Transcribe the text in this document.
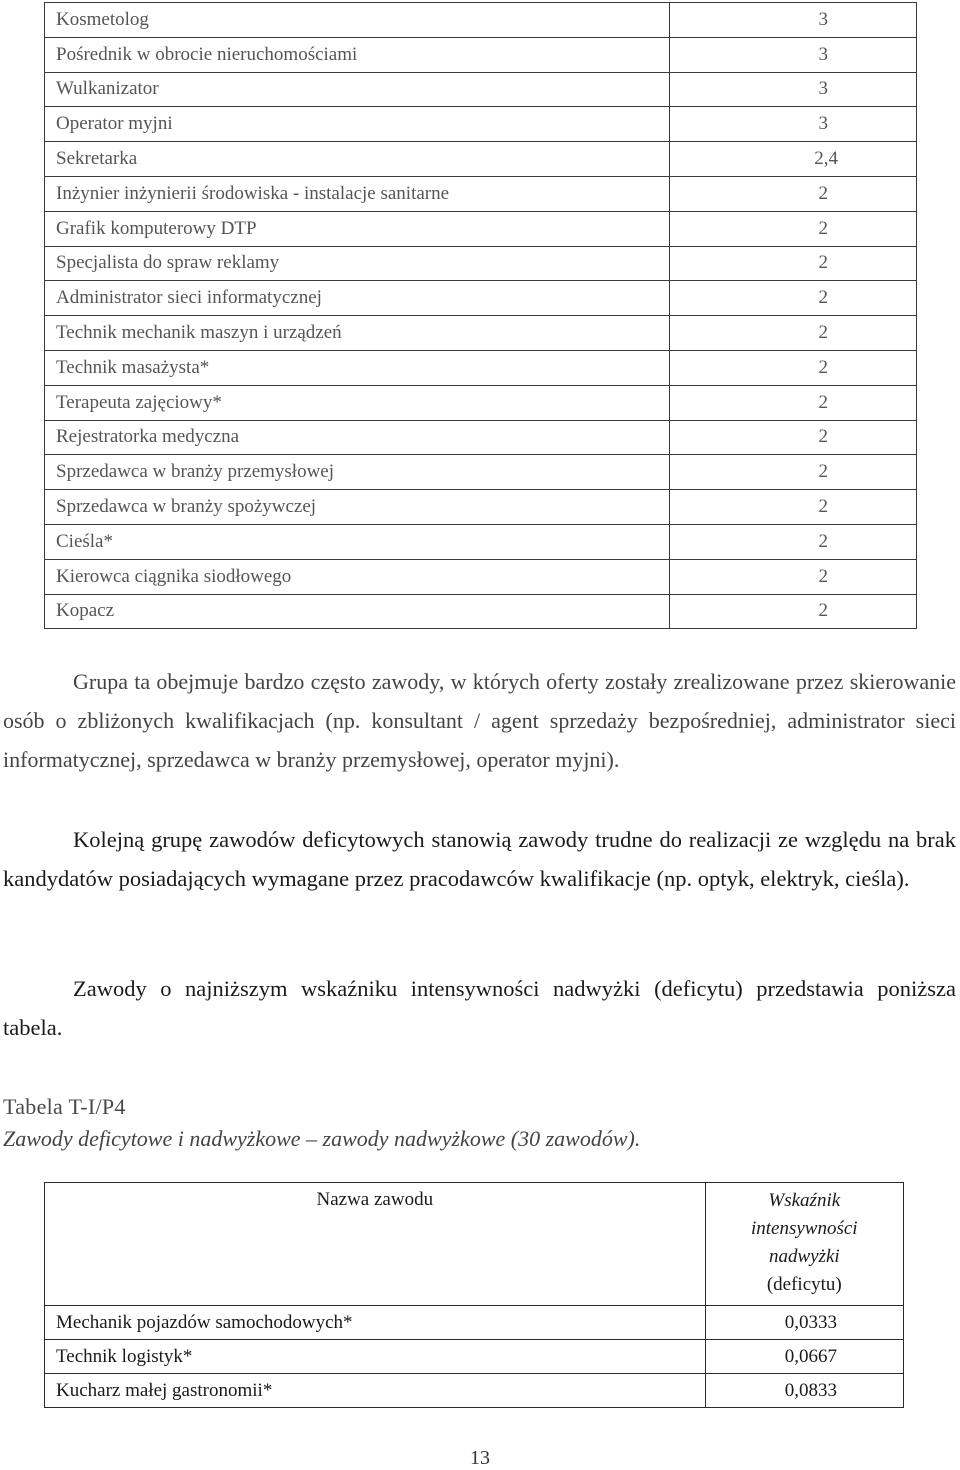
Kosmetolog	3
Pośrednik w obrocie nieruchomościami	3
Wulkanizator	3
Operator myjni	3
Sekretarka	2,4
Inżynier inżynierii środowiska - instalacje sanitarne	2
Grafik komputerowy DTP	2
Specjalista do spraw reklamy	2
Administrator sieci informatycznej	2
Technik mechanik maszyn i urządzeń	2
Technik masażysta*	2
Terapeuta zajęciowy*	2
Rejestratorka medyczna	2
Sprzedawca w branży przemysłowej	2
Sprzedawca w branży spożywczej	2
Cieśla*	2
Kierowca ciągnika siodłowego	2
Kopacz	2

Grupa ta obejmuje bardzo często zawody, w których oferty zostały zrealizowane przez skierowanie osób o zbliżonych kwalifikacjach (np. konsultant / agent sprzedaży bezpośredniej, administrator sieci informatycznej, sprzedawca w branży przemysłowej, operator myjni).

Kolejną grupę zawodów deficytowych stanowią zawody trudne do realizacji ze względu na brak kandydatów posiadających wymagane przez pracodawców kwalifikacje (np. optyk, elektryk, cieśla).

Zawody o najniższym wskaźniku intensywności nadwyżki (deficytu) przedstawia poniższa tabela.

Tabela T-I/P4
Zawody deficytowe i nadwyżkowe – zawody nadwyżkowe (30 zawodów).
Nazwa zawodu	Wskaźnik
intensywności
nadwyżki
(deficytu)
Mechanik pojazdów samochodowych*	0,0333
Technik logistyk*	0,0667
Kucharz małej gastronomii*	0,0833
13
